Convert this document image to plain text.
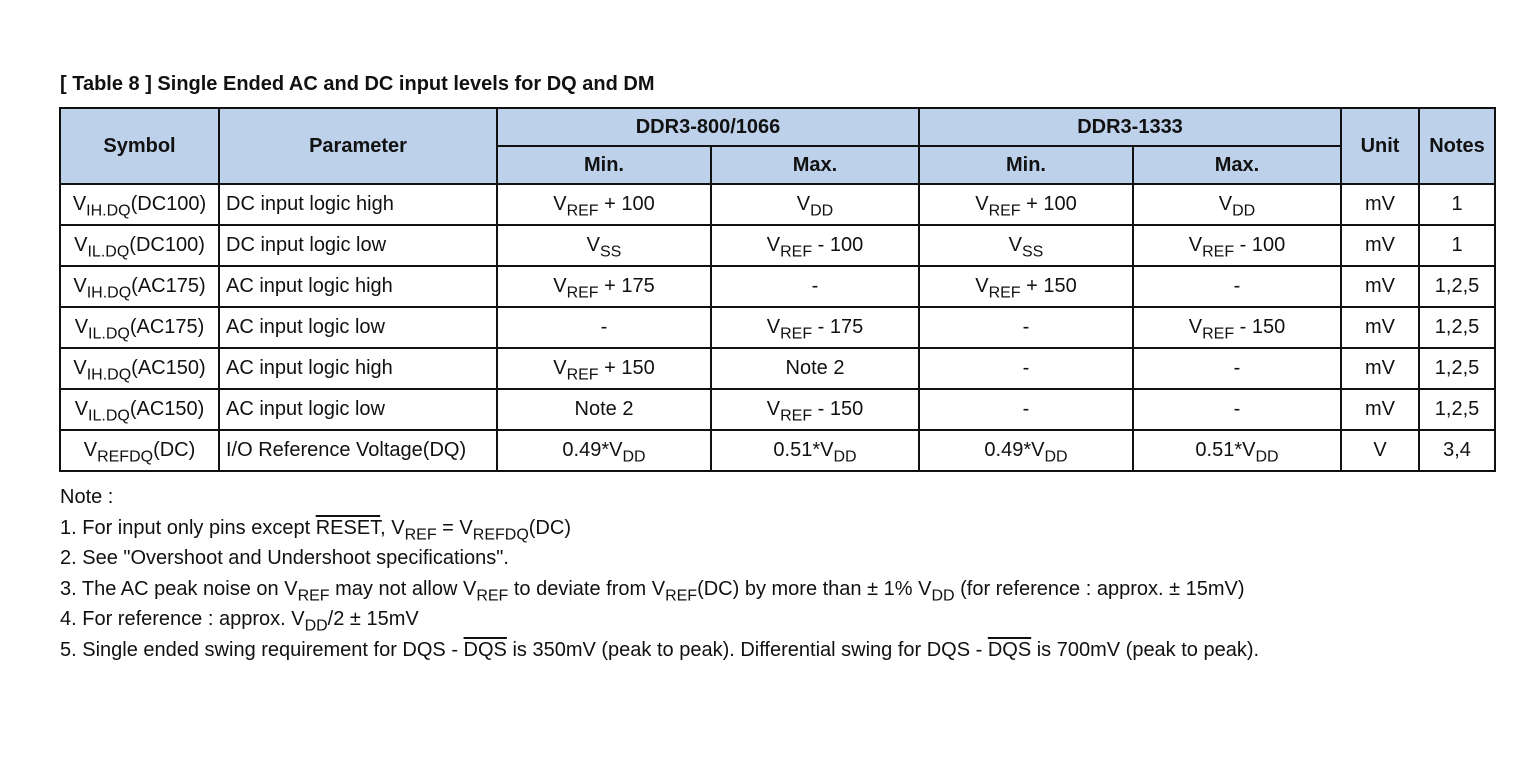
[ Table 8 ] Single Ended AC and DC input levels for DQ and DM
Symbol	Parameter	DDR3-800/1066		DDR3-1333		Unit	Notes
		Min.	Max.	Min.	Max.		
$V_{IH.DQ}(DC100)$	DC input logic high	$V_{REF} + 100$	$V_{DD}$	$V_{REF} + 100$	$V_{DD}$	mV	1
$V_{IL.DQ}(DC100)$	DC input logic low	$V_{SS}$	$V_{REF} - 100$	$V_{SS}$	$V_{REF} - 100$	mV	1
$V_{IH.DQ}(AC175)$	AC input logic high	$V_{REF} + 175$	-	$V_{REF} + 150$	-	mV	1,2,5
$V_{IL.DQ}(AC175)$	AC input logic low	-	$V_{REF} - 175$	-	$V_{REF} - 150$	mV	1,2,5
$V_{IH.DQ}(AC150)$	AC input logic high	$V_{REF} + 150$	Note 2	-	-	mV	1,2,5
$V_{IL.DQ}(AC150)$	AC input logic low	Note 2	$V_{REF} - 150$	-	-	mV	1,2,5
$V_{REFDQ}(DC)$	I/O Reference Voltage(DQ)	$0.49*V_{DD}$	$0.51*V_{DD}$	$0.49*V_{DD}$	$0.51*V_{DD}$	V	3,4
Note :
1. For input only pins except RESET, $V_{REF} = V_{REFDQ}(DC)$
2. See "Overshoot and Undershoot specifications".
3. The AC peak noise on $V_{REF}$ may not allow $V_{REF}$ to deviate from $V_{REF}(DC)$ by more than ± 1% $V_{DD}$ (for reference : approx. ± 15mV)
4. For reference : approx. $V_{DD}/2 \pm 15mV$
5. Single ended swing requirement for DQS - $\overline{DQS}$ is 350mV (peak to peak). Differential swing for DQS - $\overline{DQS}$ is 700mV (peak to peak).
